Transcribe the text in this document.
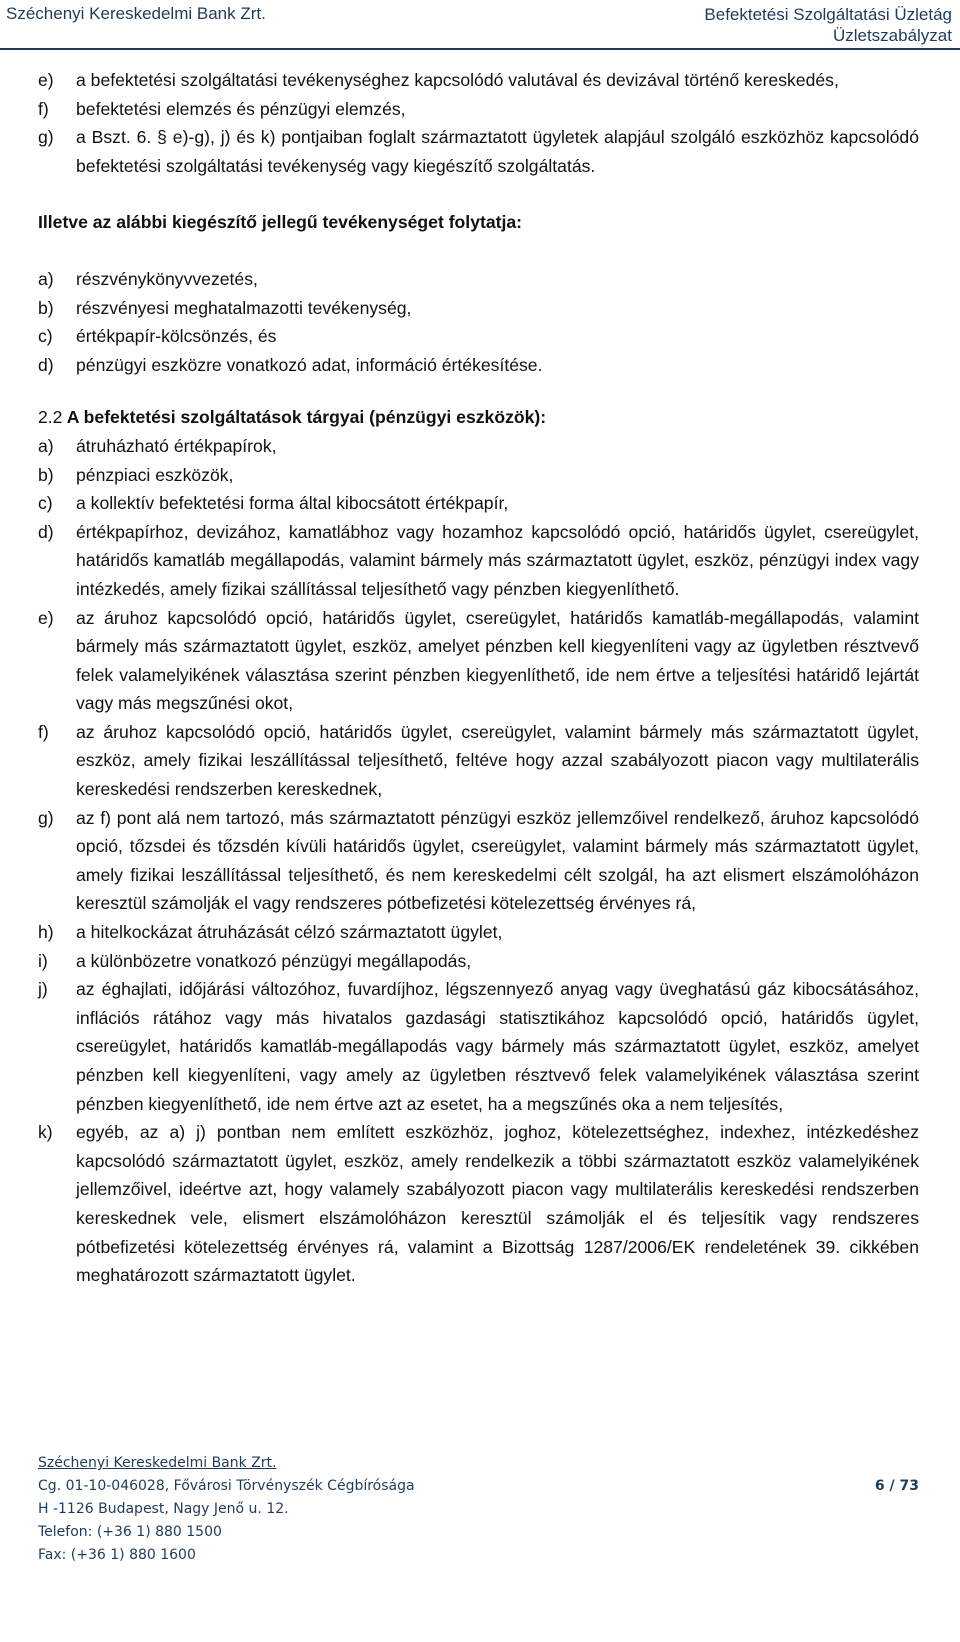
Széchenyi Kereskedelmi Bank Zrt.	Befektetési Szolgáltatási Üzletág
Üzletszabályzat
e)	a befektetési szolgáltatási tevékenységhez kapcsolódó valutával és devizával történő kereskedés,
f)	befektetési elemzés és pénzügyi elemzés,
g)	a Bszt. 6. § e)-g), j) és k) pontjaiban foglalt származtatott ügyletek alapjául szolgáló eszközhöz kapcsolódó befektetési szolgáltatási tevékenység vagy kiegészítő szolgáltatás.
Illetve az alábbi kiegészítő jellegű tevékenységet folytatja:
a)	részvénykönyvvezetés,
b)	részvényesi meghatalmazotti tevékenység,
c)	értékpapír-kölcsönzés, és
d)	pénzügyi eszközre vonatkozó adat, információ értékesítése.
2.2 A befektetési szolgáltatások tárgyai (pénzügyi eszközök):
a)	átruházható értékpapírok,
b)	pénzpiaci eszközök,
c)	a kollektív befektetési forma által kibocsátott értékpapír,
d)	értékpapírhoz, devizához, kamatlábhoz vagy hozamhoz kapcsolódó opció, határidős ügylet, csereügylet, határidős kamatláb megállapodás, valamint bármely más származtatott ügylet, eszköz, pénzügyi index vagy intézkedés, amely fizikai szállítással teljesíthető vagy pénzben kiegyenlíthető.
e)	az áruhoz kapcsolódó opció, határidős ügylet, csereügylet, határidős kamatláb-megállapodás, valamint bármely más származtatott ügylet, eszköz, amelyet pénzben kell kiegyenlíteni vagy az ügyletben résztvevő felek valamelyikének választása szerint pénzben kiegyenlíthető, ide nem értve a teljesítési határidő lejártát vagy más megszűnési okot,
f)	az áruhoz kapcsolódó opció, határidős ügylet, csereügylet, valamint bármely más származtatott ügylet, eszköz, amely fizikai leszállítással teljesíthető, feltéve hogy azzal szabályozott piacon vagy multilaterális kereskedési rendszerben kereskednek,
g)	az f) pont alá nem tartozó, más származtatott pénzügyi eszköz jellemzőivel rendelkező, áruhoz kapcsolódó opció, tőzsdei és tőzsdén kívüli határidős ügylet, csereügylet, valamint bármely más származtatott ügylet, amely fizikai leszállítással teljesíthető, és nem kereskedelmi célt szolgál, ha azt elismert elszámolóházon keresztül számolják el vagy rendszeres pótbefizetési kötelezettség érvényes rá,
h)	a hitelkockázat átruházását célzó származtatott ügylet,
i)	a különbözetre vonatkozó pénzügyi megállapodás,
j)	az éghajlati, időjárási változóhoz, fuvardíjhoz, légszennyező anyag vagy üveghatású gáz kibocsátásához, inflációs rátához vagy más hivatalos gazdasági statisztikához kapcsolódó opció, határidős ügylet, csereügylet, határidős kamatláb-megállapodás vagy bármely más származtatott ügylet, eszköz, amelyet pénzben kell kiegyenlíteni, vagy amely az ügyletben résztvevő felek valamelyikének választása szerint pénzben kiegyenlíthető, ide nem értve azt az esetet, ha a megszűnés oka a nem teljesítés,
k)	egyéb, az a) j) pontban nem említett eszközhöz, joghoz, kötelezettséghez, indexhez, intézkedéshez kapcsolódó származtatott ügylet, eszköz, amely rendelkezik a többi származtatott eszköz valamelyikének jellemzőivel, ideértve azt, hogy valamely szabályozott piacon vagy multilaterális kereskedési rendszerben kereskednek vele, elismert elszámolóházon keresztül számolják el és teljesítik vagy rendszeres pótbefizetési kötelezettség érvényes rá, valamint a Bizottság 1287/2006/EK rendeletének 39. cikkében meghatározott származtatott ügylet.
Széchenyi Kereskedelmi Bank Zrt.
Cg. 01-10-046028, Fővárosi Törvényszék Cégbírósága	6 / 73
H -1126 Budapest, Nagy Jenő u. 12.
Telefon: (+36 1) 880 1500
Fax: (+36 1) 880 1600
